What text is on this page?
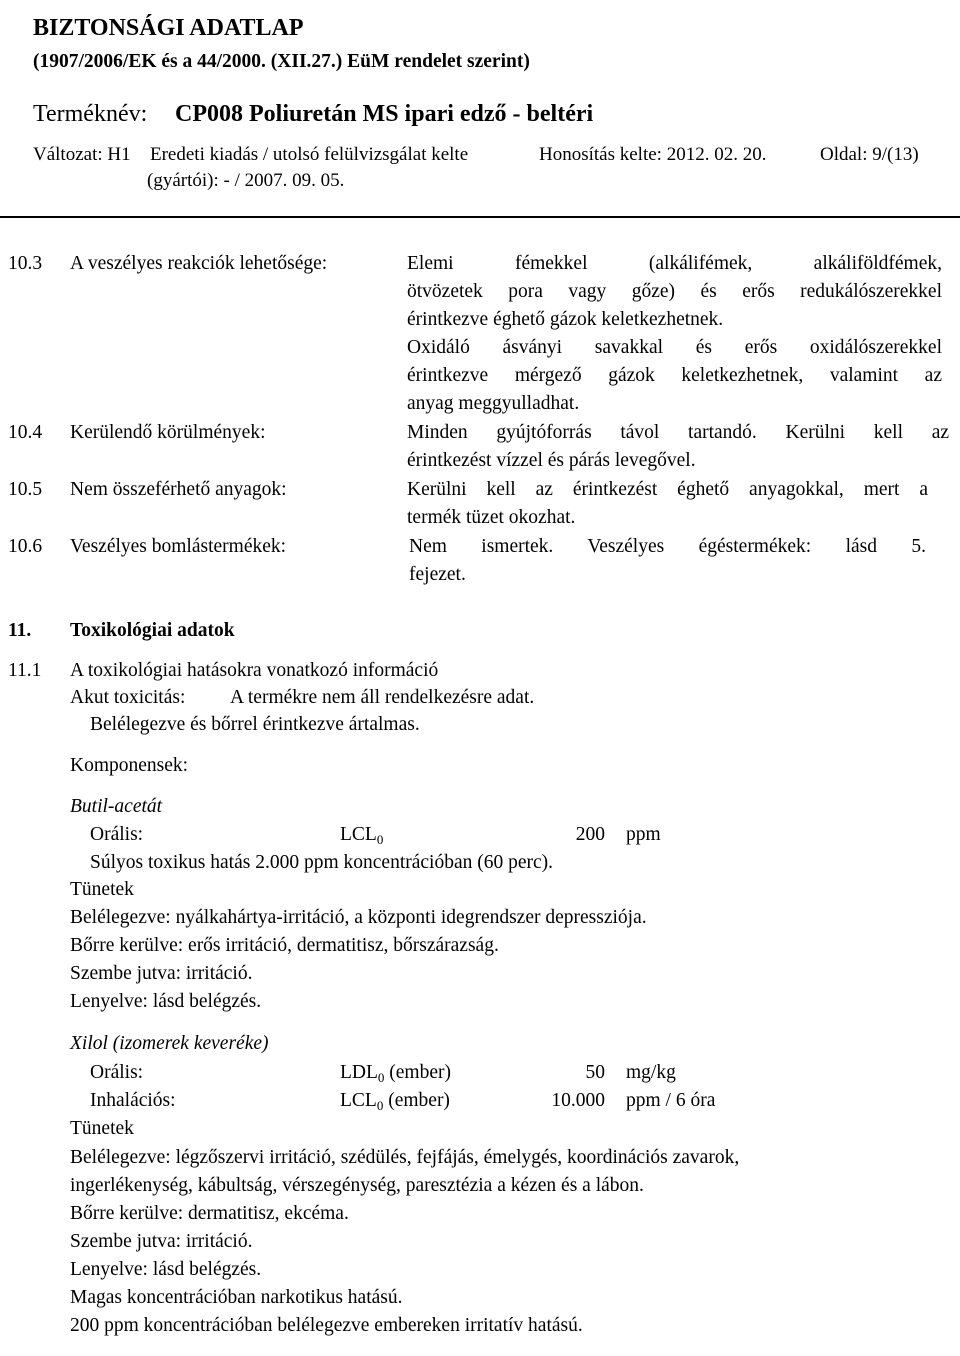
BIZTONSÁGI ADATLAP
(1907/2006/EK és a 44/2000. (XII.27.) EüM rendelet szerint)
Terméknév: CP008 Poliuretán MS ipari edző - beltéri
Változat: H1 Eredeti kiadás / utolsó felülvizsgálat kelte
(gyártói): - / 2007. 09. 05.
Honosítás kelte: 2012. 02. 20.	Oldal: 9/(13)
10.3 A veszélyes reakciók lehetősége:	Elemi fémekkel (alkálifémek, alkáliföldfémek,
ötvözetek pora vagy gőze) és erős redukálószerekkel
érintkezve éghető gázok keletkezhetnek.
Oxidáló ásványi savakkal és erős oxidálószerekkel
érintkezve mérgező gázok keletkezhetnek, valamint az
anyag meggyulladhat.
10.4 Kerülendő körülmények:	Minden gyújtóforrás távol tartandó. Kerülni kell az
érintkezést vízzel és párás levegővel.
10.5 Nem összeférhető anyagok:	Kerülni kell az érintkezést éghető anyagokkal, mert a
termék tüzet okozhat.
10.6 Veszélyes bomlástermékek:	Nem ismertek. Veszélyes égéstermékek: lásd 5.
fejezet.
11. Toxikológiai adatok
11.1 A toxikológiai hatásokra vonatkozó információ
Akut toxicitás: A termékre nem áll rendelkezésre adat.
Belélegezve és bőrrel érintkezve ártalmas.
Komponensek:
Butil-acetát
Orális:	$LCL_0$	200 ppm
Súlyos toxikus hatás 2.000 ppm koncentrációban (60 perc).
Tünetek
Belélegezve: nyálkahártya-irritáció, a központi idegrendszer depressziója.
Bőrre kerülve: erős irritáció, dermatitisz, bőrszárazság.
Szembe jutva: irritáció.
Lenyelve: lásd belégzés.
Xilol (izomerek keveréke)
Orális:	$LDL_0$ (ember)	50 mg/kg
Inhalációs:	$LCL_0$ (ember)	10.000 ppm / 6 óra
Tünetek
Belélegezve: légzőszervi irritáció, szédülés, fejfájás, émelygés, koordinációs zavarok,
ingerlékenység, kábultság, vérszegénység, paresztézia a kézen és a lábon.
Bőrre kerülve: dermatitisz, ekcéma.
Szembe jutva: irritáció.
Lenyelve: lásd belégzés.
Magas koncentrációban narkotikus hatású.
200 ppm koncentrációban belélegezve embereken irritatív hatású.
